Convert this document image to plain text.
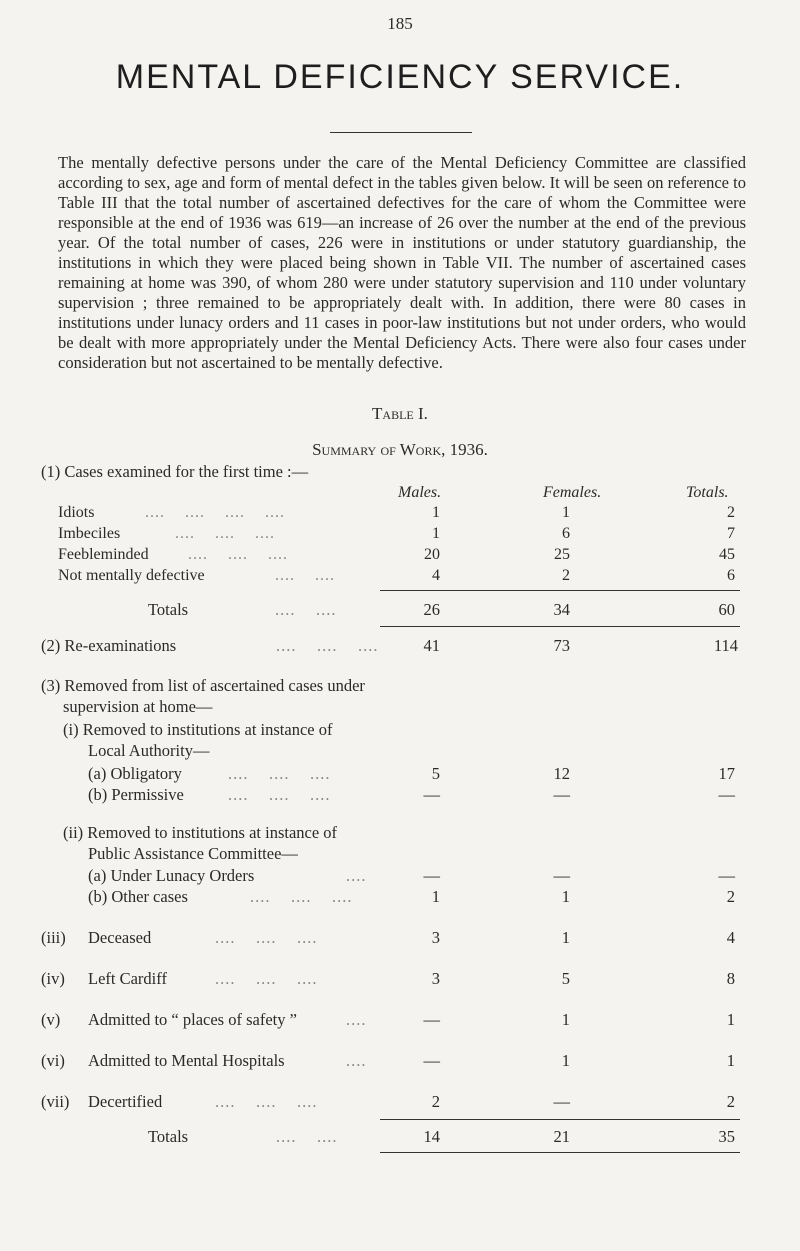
185
MENTAL DEFICIENCY SERVICE.
The mentally defective persons under the care of the Mental Deficiency Committee are classified according to sex, age and form of mental defect in the tables given below. It will be seen on reference to Table III that the total number of ascertained defectives for the care of whom the Committee were responsible at the end of 1936 was 619—an increase of 26 over the number at the end of the previous year. Of the total number of cases, 226 were in institutions or under statutory guardianship, the institutions in which they were placed being shown in Table VII. The number of ascertained cases remaining at home was 390, of whom 280 were under statutory supervision and 110 under voluntary supervision ; three remained to be appropriately dealt with. In addition, there were 80 cases in institutions under lunacy orders and 11 cases in poor-law institutions but not under orders, who would be dealt with more appropriately under the Mental Deficiency Acts. There were also four cases under consideration but not ascertained to be mentally defective.
Table I.
Summary of Work, 1936.
(1) Cases examined for the first time :—
Males.	Females.	Totals.
Idiots	....    ....    ....    ....	1	1	2
Imbeciles	....    ....    ....	1	6	7
Feebleminded ....    ....    ....	20	25	45
Not mentally defective	....    ....	4	2	6
Totals	....    ....	26	34	60
(2) Re-examinations	....    ....    ....	41	73	114
(3) Removed from list of ascertained cases under
supervision at home—
(i) Removed to institutions at instance of
Local Authority—
(a) Obligatory	....    ....    ....	5	12	17
(b) Permissive	....    ....    ....	—	—	—
(ii) Removed to institutions at instance of
Public Assistance Committee—
(a) Under Lunacy Orders	....	—	—	—
(b) Other cases	....    ....    ....	1	1	2
(iii) Deceased	....    ....    ....	3	1	4
(iv) Left Cardiff	....    ....    ....	3	5	8
(v) Admitted to “ places of safety ”	....	—	1	1
(vi) Admitted to Mental Hospitals	....	—	1	1
(vii) Decertified	....    ....    ....	2	—	2
Totals	....    ....	14	21	35
